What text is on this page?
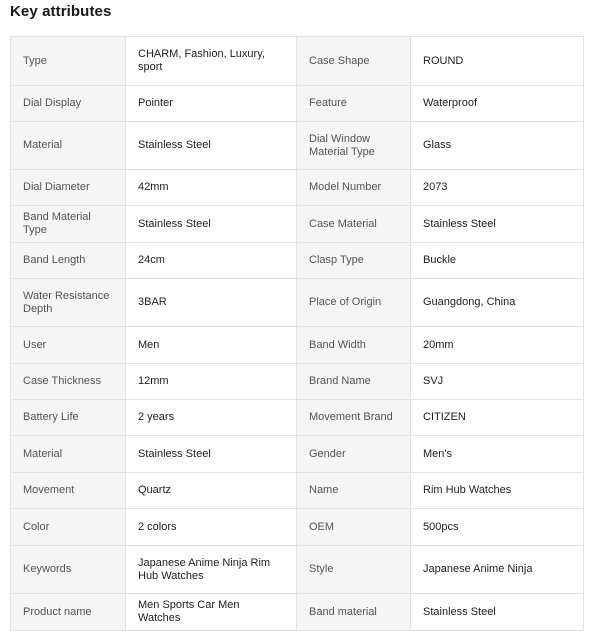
Key attributes
Type	CHARM, Fashion, Luxury, sport	Case Shape	ROUND
Dial Display	Pointer	Feature	Waterproof
Material	Stainless Steel	Dial Window Material Type	Glass
Dial Diameter	42mm	Model Number	2073
Band Material Type	Stainless Steel	Case Material	Stainless Steel
Band Length	24cm	Clasp Type	Buckle
Water Resistance Depth	3BAR	Place of Origin	Guangdong, China
User	Men	Band Width	20mm
Case Thickness	12mm	Brand Name	SVJ
Battery Life	2 years	Movement Brand	CITIZEN
Material	Stainless Steel	Gender	Men's
Movement	Quartz	Name	Rim Hub Watches
Color	2 colors	OEM	500pcs
Keywords	Japanese Anime Ninja Rim Hub Watches	Style	Japanese Anime Ninja
Product name	Men Sports Car Men Watches	Band material	Stainless Steel
